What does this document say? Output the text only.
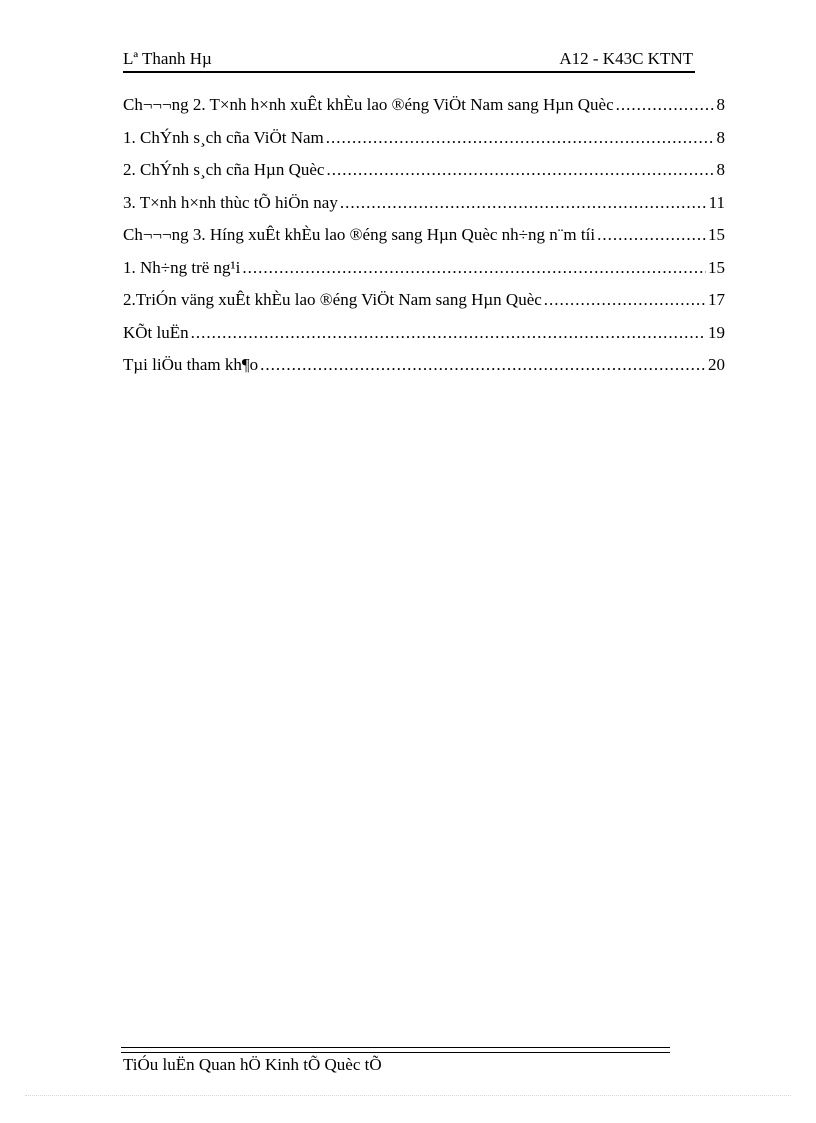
Lª Thanh Hµ	A12 - K43C KTNT
Ch¬¬¬ng 2. T×nh h×nh xuÊt khÈu lao ®éng ViÖt Nam sang Hµn Quèc .....	8
1. ChÝnh s¸ch cña ViÖt Nam .....	8
2. ChÝnh s¸ch cña Hµn Quèc .....	8
3. T×nh h×nh thùc tÕ hiÖn nay .....	11
Ch¬¬¬ng 3. Híng xuÊt khÈu lao ®éng sang Hµn Quèc nh÷ng n¨m tíi .....	15
1. Nh÷ng trë ng¹i .....	15
2.TriÓn väng xuÊt khÈu lao ®éng ViÖt Nam sang Hµn Quèc .....	17
KÕt luËn .....	19
Tµi liÖu tham kh¶o .....	20
TiÓu luËn Quan hÖ Kinh tÕ Quèc tÕ
